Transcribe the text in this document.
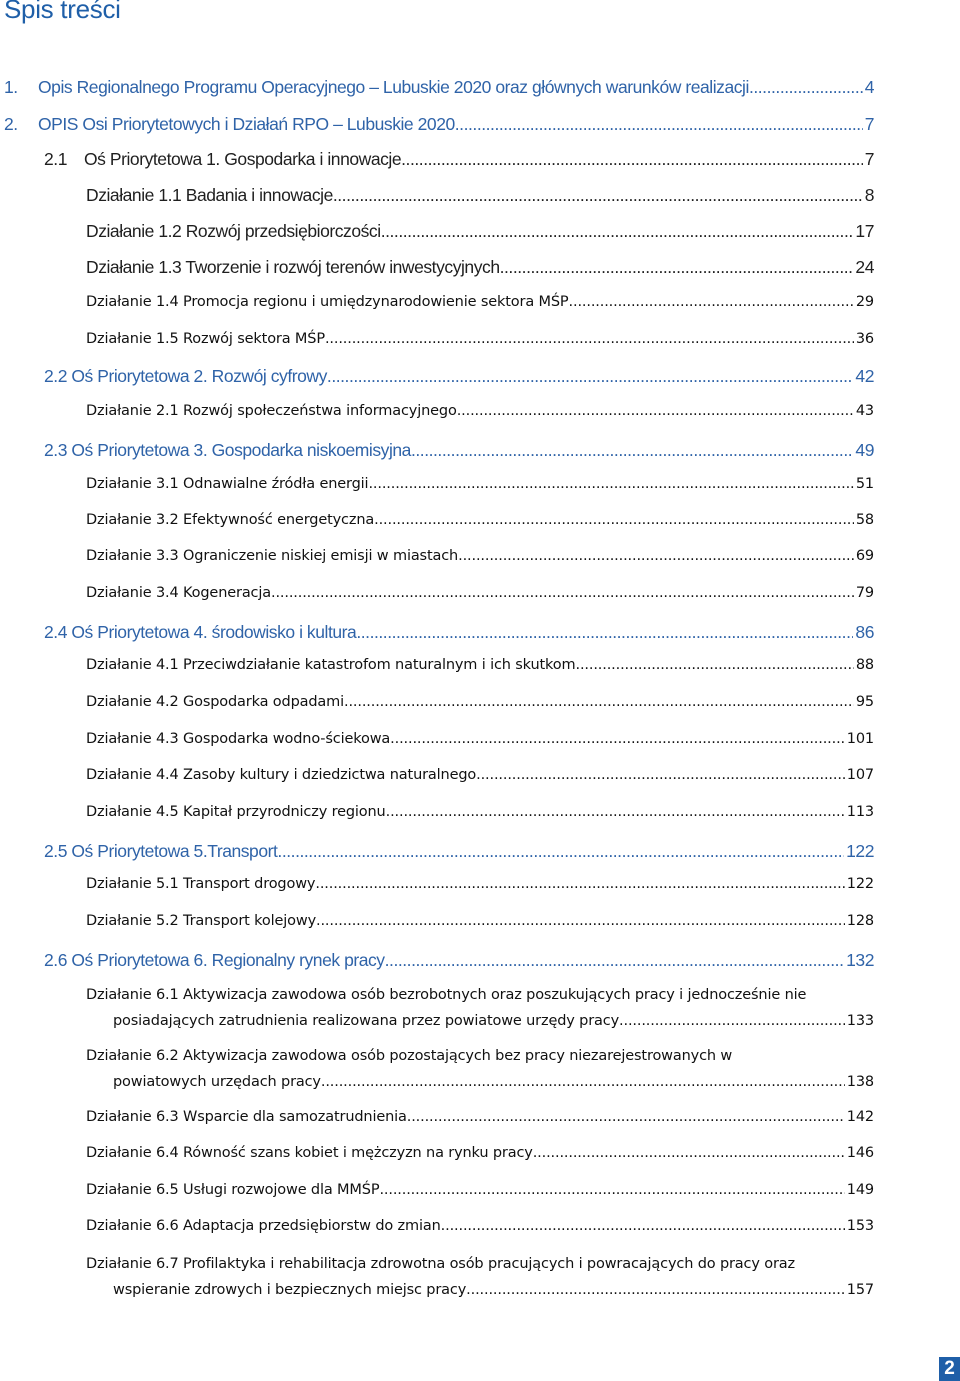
Spis treści
1.	Opis Regionalnego Programu Operacyjnego – Lubuskie 2020 oraz głównych warunków realizacji .....	4
2.	OPIS Osi Priorytetowych i Działań RPO – Lubuskie 2020 .....	7
2.1 Oś Priorytetowa 1. Gospodarka i innowacje .....	7
Działanie 1.1 Badania i innowacje .....	8
Działanie 1.2 Rozwój przedsiębiorczości .....	17
Działanie 1.3 Tworzenie i rozwój terenów inwestycyjnych .....	24
Działanie 1.4 Promocja regionu i umiędzynarodowienie sektora MŚP .....	29
Działanie 1.5 Rozwój sektora MŚP .....	36
2.2 Oś Priorytetowa 2. Rozwój cyfrowy .....	42
Działanie 2.1 Rozwój społeczeństwa informacyjnego .....	43
2.3 Oś Priorytetowa 3. Gospodarka niskoemisyjna .....	49
Działanie 3.1 Odnawialne źródła energii .....	51
Działanie 3.2 Efektywność energetyczna .....	58
Działanie 3.3 Ograniczenie niskiej emisji w miastach .....	69
Działanie 3.4 Kogeneracja .....	79
2.4 Oś Priorytetowa 4. środowisko i kultura .....	86
Działanie 4.1 Przeciwdziałanie katastrofom naturalnym i ich skutkom .....	88
Działanie 4.2 Gospodarka odpadami .....	95
Działanie 4.3 Gospodarka wodno-ściekowa .....	101
Działanie 4.4 Zasoby kultury i dziedzictwa naturalnego .....	107
Działanie 4.5 Kapitał przyrodniczy regionu .....	113
2.5 Oś Priorytetowa 5.Transport .....	122
Działanie 5.1 Transport drogowy .....	122
Działanie 5.2 Transport kolejowy .....	128
2.6 Oś Priorytetowa 6. Regionalny rynek pracy .....	132
Działanie 6.1 Aktywizacja zawodowa osób bezrobotnych oraz poszukujących pracy i jednocześnie nie
posiadających zatrudnienia realizowana przez powiatowe urzędy pracy .....	133
Działanie 6.2 Aktywizacja zawodowa osób pozostających bez pracy niezarejestrowanych w
powiatowych urzędach pracy .....	138
Działanie 6.3 Wsparcie dla samozatrudnienia .....	142
Działanie 6.4 Równość szans kobiet i mężczyzn na rynku pracy .....	146
Działanie 6.5 Usługi rozwojowe dla MMŚP .....	149
Działanie 6.6 Adaptacja przedsiębiorstw do zmian .....	153
Działanie 6.7 Profilaktyka i rehabilitacja zdrowotna osób pracujących i powracających do pracy oraz
wspieranie zdrowych i bezpiecznych miejsc pracy .....	157
2
